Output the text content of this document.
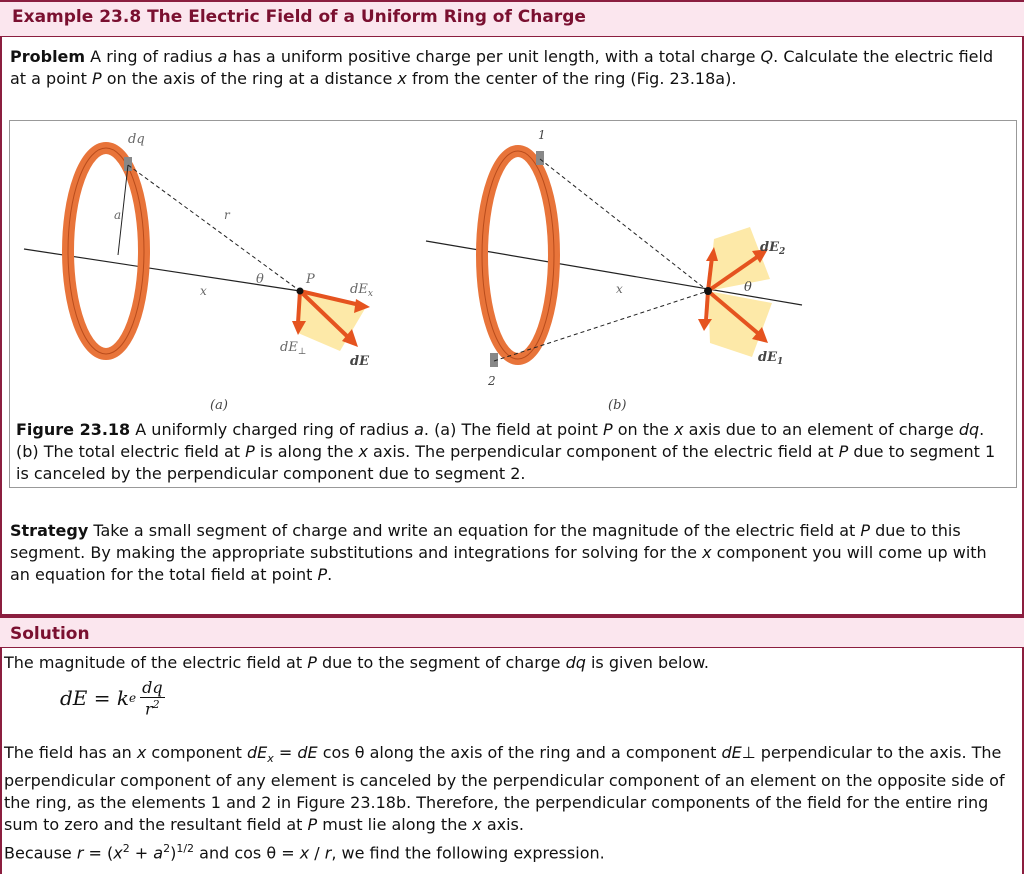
Example 23.8 The Electric Field of a Uniform Ring of Charge
Problem A ring of radius a has a uniform positive charge per unit length, with a total charge Q. Calculate the electric field at a point P on the axis of the ring at a distance x from the center of the ring (Fig. 23.18a).
dq
a	r
θ	P
x	$dE_x$
$dE_\perp$
dE
(a)
1
2
x	θ
$dE_2$
$dE_1$
(b)
Figure 23.18 A uniformly charged ring of radius a. (a) The field at point P on the x axis due to an element of charge dq. (b) The total electric field at P is along the x axis. The perpendicular component of the electric field at P due to segment 1 is canceled by the perpendicular component due to segment 2.
Strategy Take a small segment of charge and write an equation for the magnitude of the electric field at P due to this segment. By making the appropriate substitutions and integrations for solving for the x component you will come up with an equation for the total field at point P.
Solution
The magnitude of the electric field at P due to the segment of charge dq is given below.
dE = k e $\frac{dq}{r^2}$
The field has an x component $dE_x$ = dE cos θ along the axis of the ring and a component dE⊥ perpendicular to the axis. The perpendicular component of any element is canceled by the perpendicular component of an element on the opposite side of the ring, as the elements 1 and 2 in Figure 23.18b. Therefore, the perpendicular components of the field for the entire ring sum to zero and the resultant field at P must lie along the x axis.
Because $r = (x^2 + a^2)^{1/2}$ and cos θ = x / r, we find the following expression.
